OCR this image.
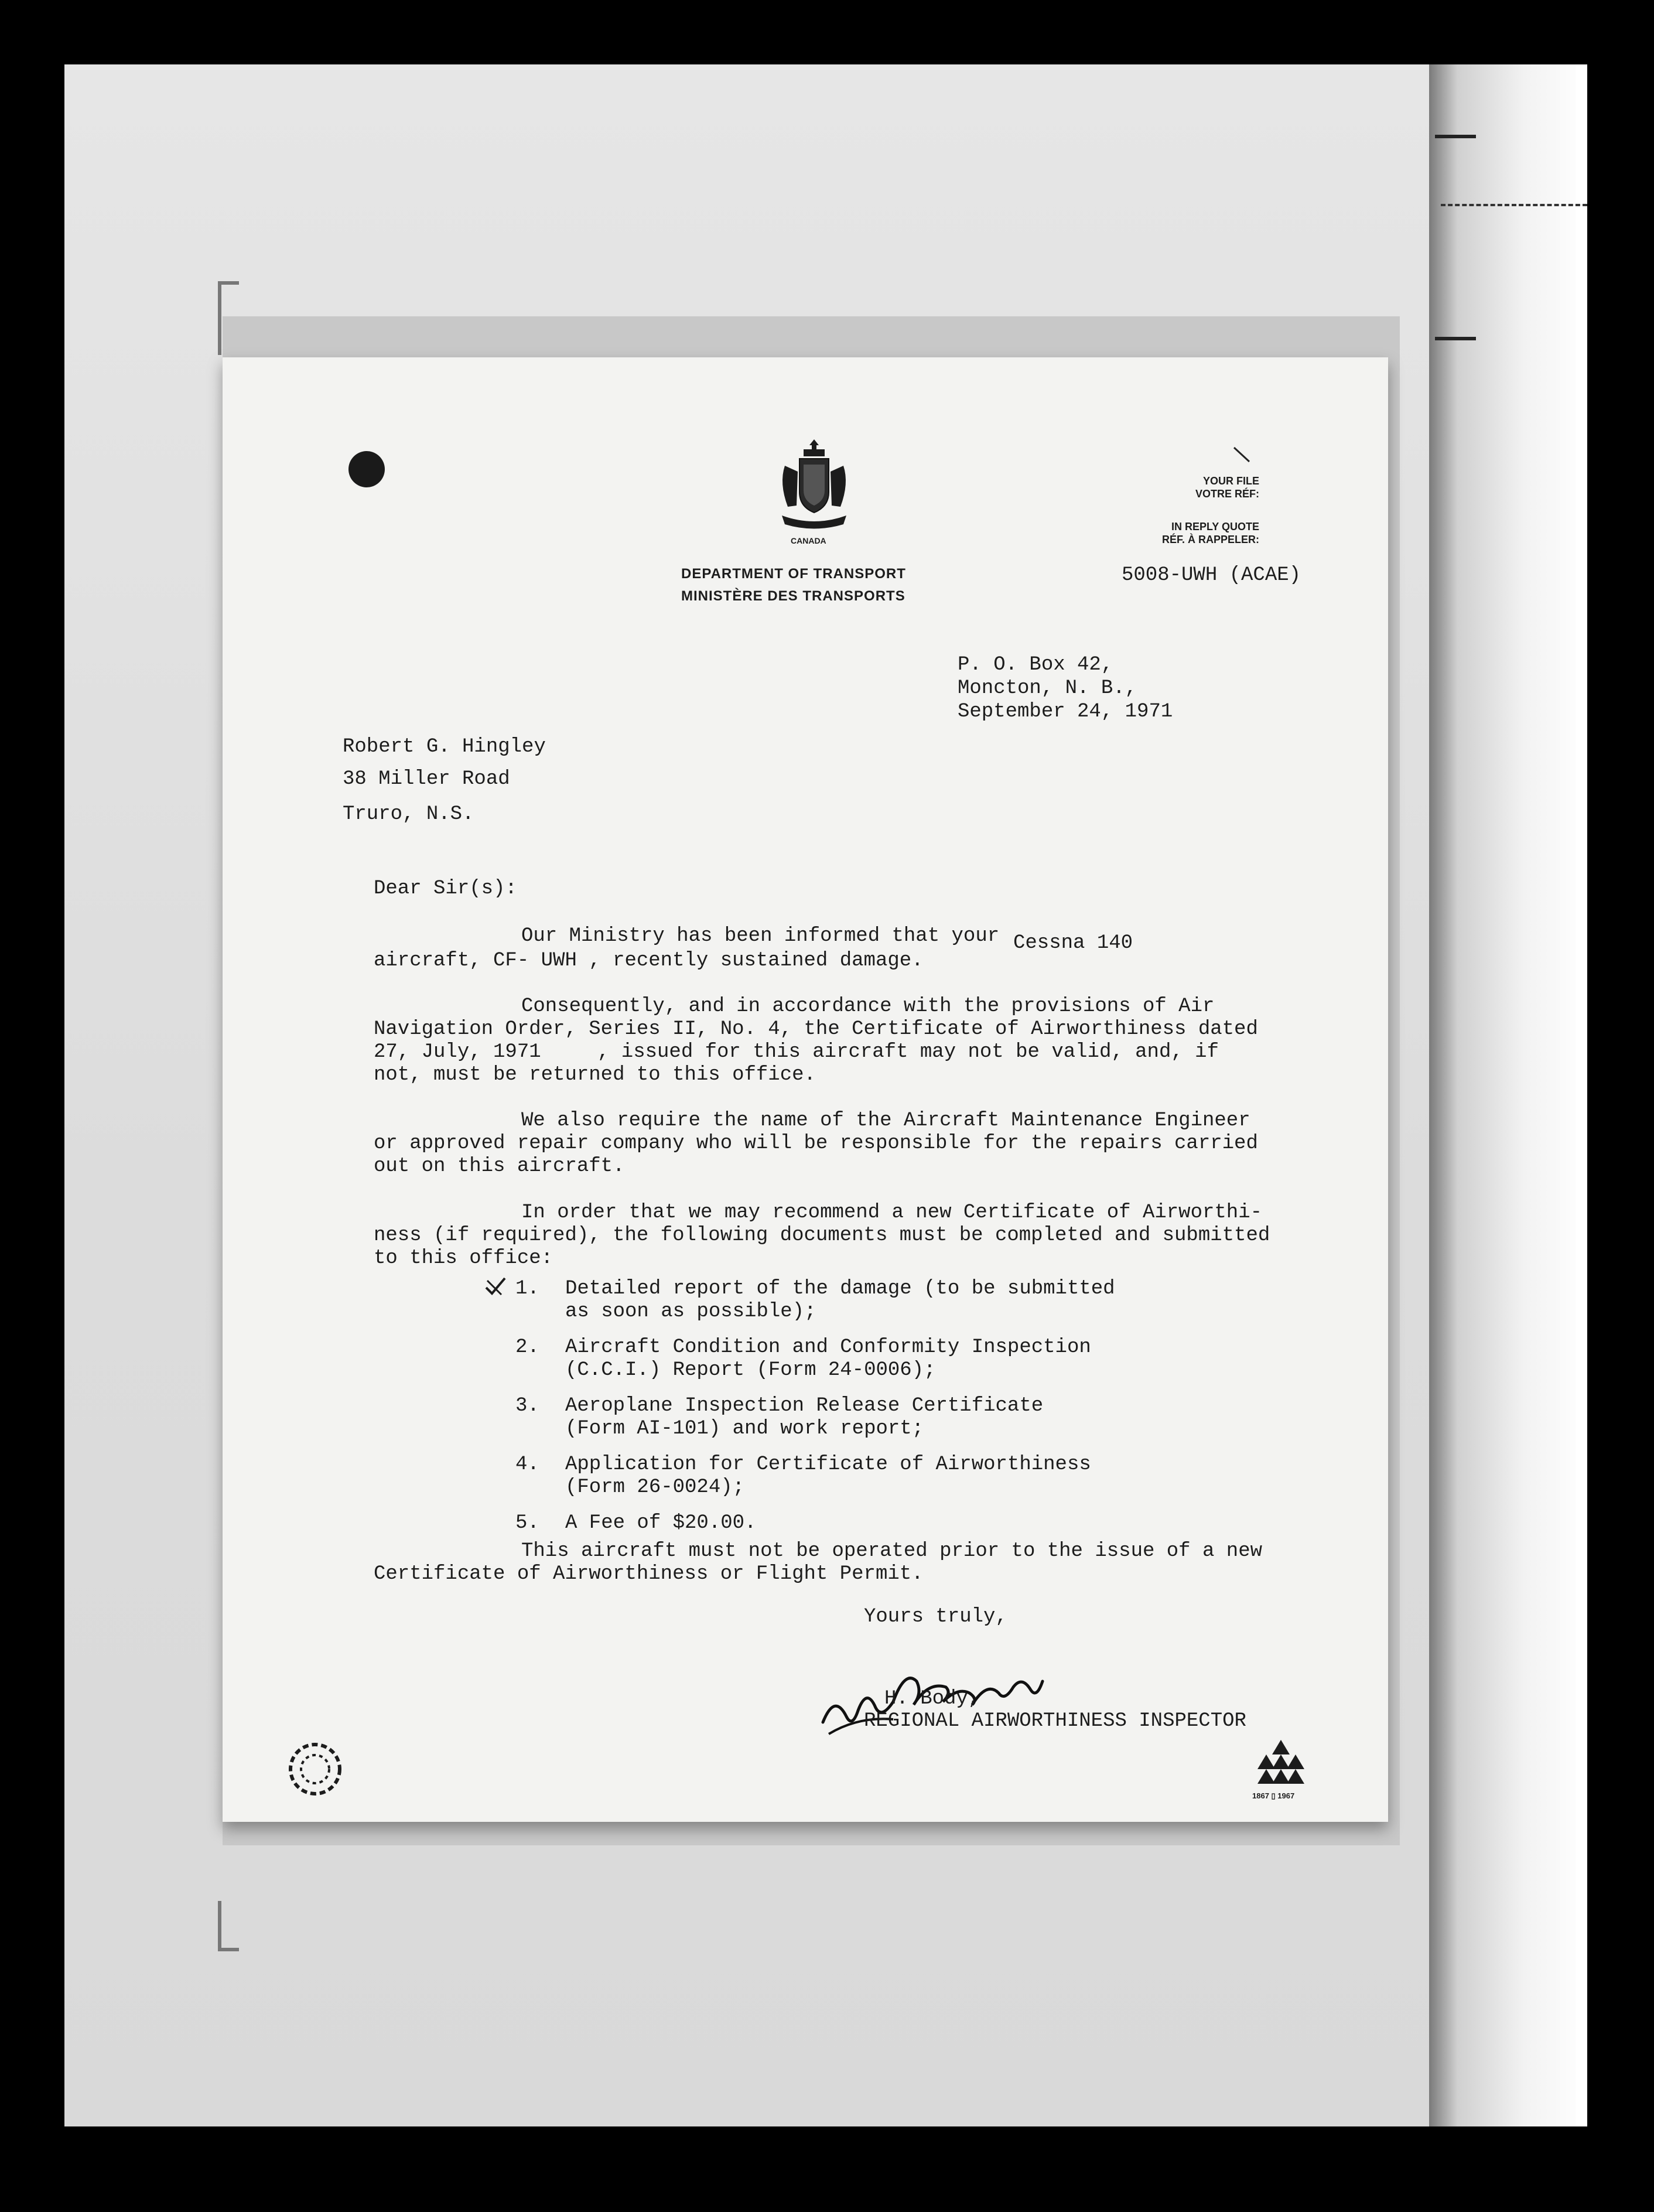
CANADA
DEPARTMENT OF TRANSPORT
MINISTÈRE DES TRANSPORTS
YOUR FILE
VOTRE RÉF:
IN REPLY QUOTE
RÉF. À RAPPELER:
5008-UWH (ACAE)
P. O. Box 42,
Moncton, N. B.,
September 24, 1971
Robert G. Hingley
38 Miller Road
Truro, N.S.
Dear Sir(s):
Our Ministry has been informed that your Cessna 140
aircraft, CF- UWH , recently sustained damage.
Consequently, and in accordance with the provisions of Air
Navigation Order, Series II, No. 4, the Certificate of Airworthiness dated
27, July, 1971	, issued for this aircraft may not be valid, and, if
not, must be returned to this office.
We also require the name of the Aircraft Maintenance Engineer
or approved repair company who will be responsible for the repairs carried
out on this aircraft.
In order that we may recommend a new Certificate of Airworthi-
ness (if required), the following documents must be completed and submitted
to this office:
1. Detailed report of the damage (to be submitted
as soon as possible);
2. Aircraft Condition and Conformity Inspection
(C.C.I.) Report (Form 24-0006);
3. Aeroplane Inspection Release Certificate
(Form AI-101) and work report;
4. Application for Certificate of Airworthiness
(Form 26-0024);
5. A Fee of $20.00.
This aircraft must not be operated prior to the issue of a new
Certificate of Airworthiness or Flight Permit.
Yours truly,
H. Body,
REGIONAL AIRWORTHINESS INSPECTOR
1867 ▯ 1967
